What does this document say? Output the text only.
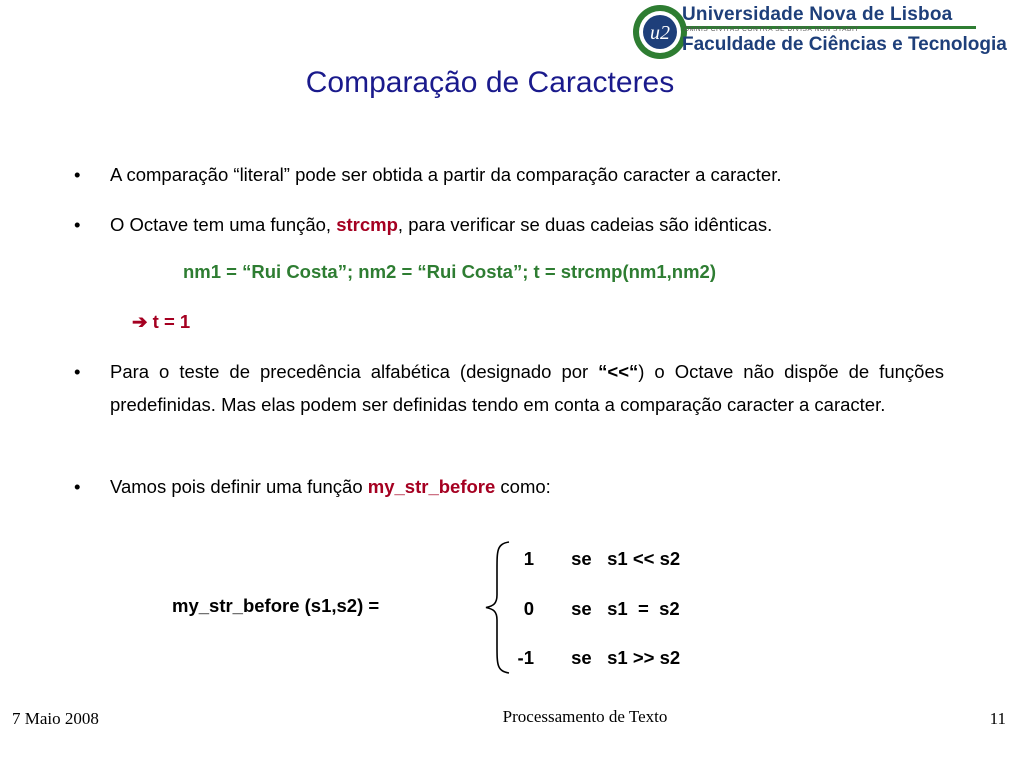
u2
Universidade Nova de Lisboa
OMNIS CIVITAS CONTRA SE DIVISA NON STABIT
Faculdade de Ciências e Tecnologia
Comparação de Caracteres
• A comparação “literal” pode ser obtida a partir da comparação caracter a caracter.
• O Octave tem uma função, strcmp, para verificar se duas cadeias são idênticas.
nm1 = “Rui Costa”; nm2 = “Rui Costa”; t = strcmp(nm1,nm2)
➔ t = 1
• Para o teste de precedência alfabética (designado por “<<“) o Octave não dispõe de funções predefinidas. Mas elas podem ser definidas tendo em conta a comparação caracter a caracter.
• Vamos pois definir uma função my_str_before como:
my_str_before (s1,s2) =
1 se   s1 << s2
0 se   s1  =  s2
-1 se   s1 >> s2
7 Maio 2008	Processamento de Texto	11
